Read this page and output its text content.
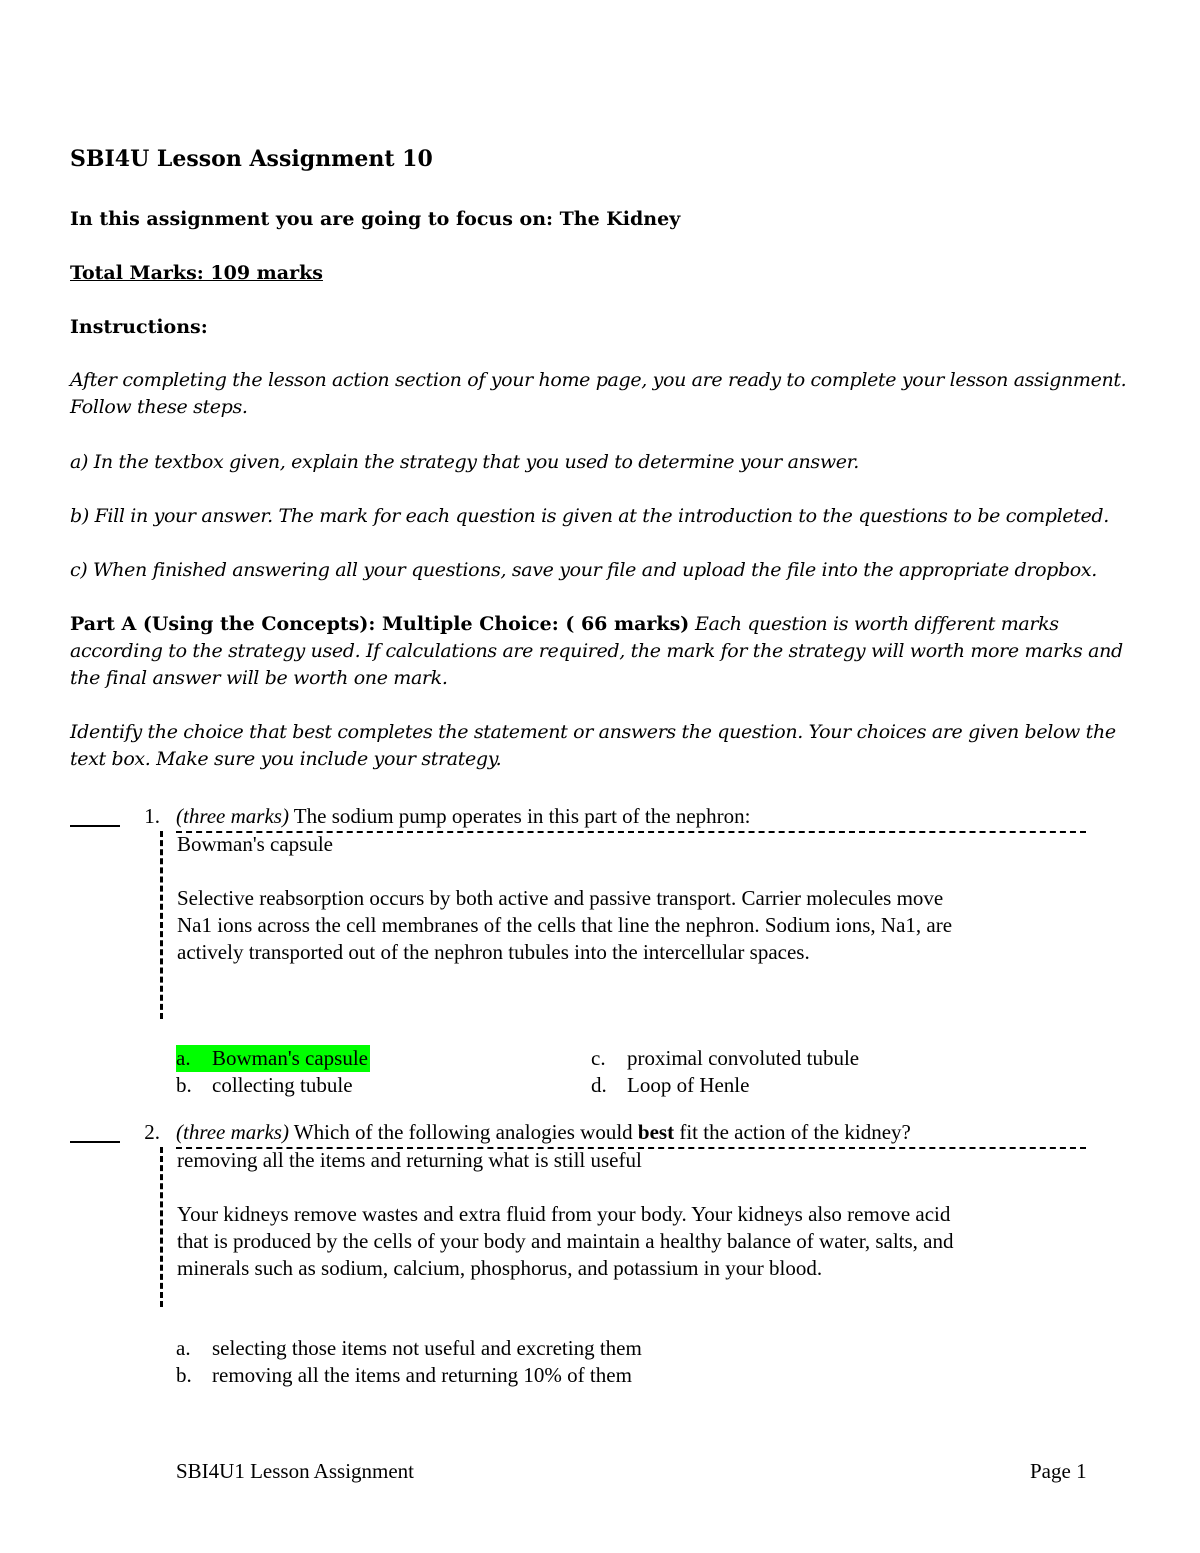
SBI4U Lesson Assignment 10

In this assignment you are going to focus on: The Kidney

Total Marks: 109 marks

Instructions:

After completing the lesson action section of your home page, you are ready to complete your lesson assignment. Follow these steps.

a) In the textbox given, explain the strategy that you used to determine your answer.

b) Fill in your answer. The mark for each question is given at the introduction to the questions to be completed.

c) When finished answering all your questions, save your file and upload the file into the appropriate dropbox.

Part A (Using the Concepts): Multiple Choice: ( 66 marks) Each question is worth different marks according to the strategy used. If calculations are required, the mark for the strategy will worth more marks and the final answer will be worth one mark.

Identify the choice that best completes the statement or answers the question. Your choices are given below the text box. Make sure you include your strategy.

1. (three marks) The sodium pump operates in this part of the nephron:

Bowman's capsule

Selective reabsorption occurs by both active and passive transport. Carrier molecules move

Na1 ions across the cell membranes of the cells that line the nephron. Sodium ions, Na1, are

actively transported out of the nephron tubules into the intercellular spaces.

a. Bowman's capsule
b. collecting tubule
c. proximal convoluted tubule
d. Loop of Henle
2. (three marks) Which of the following analogies would best fit the action of the kidney?

removing all the items and returning what is still useful

Your kidneys remove wastes and extra fluid from your body. Your kidneys also remove acid

that is produced by the cells of your body and maintain a healthy balance of water, salts, and

minerals such as sodium, calcium, phosphorus, and potassium in your blood.

a. selecting those items not useful and excreting them
b. removing all the items and returning 10% of them
SBI4U1 Lesson Assignment	Page 1
